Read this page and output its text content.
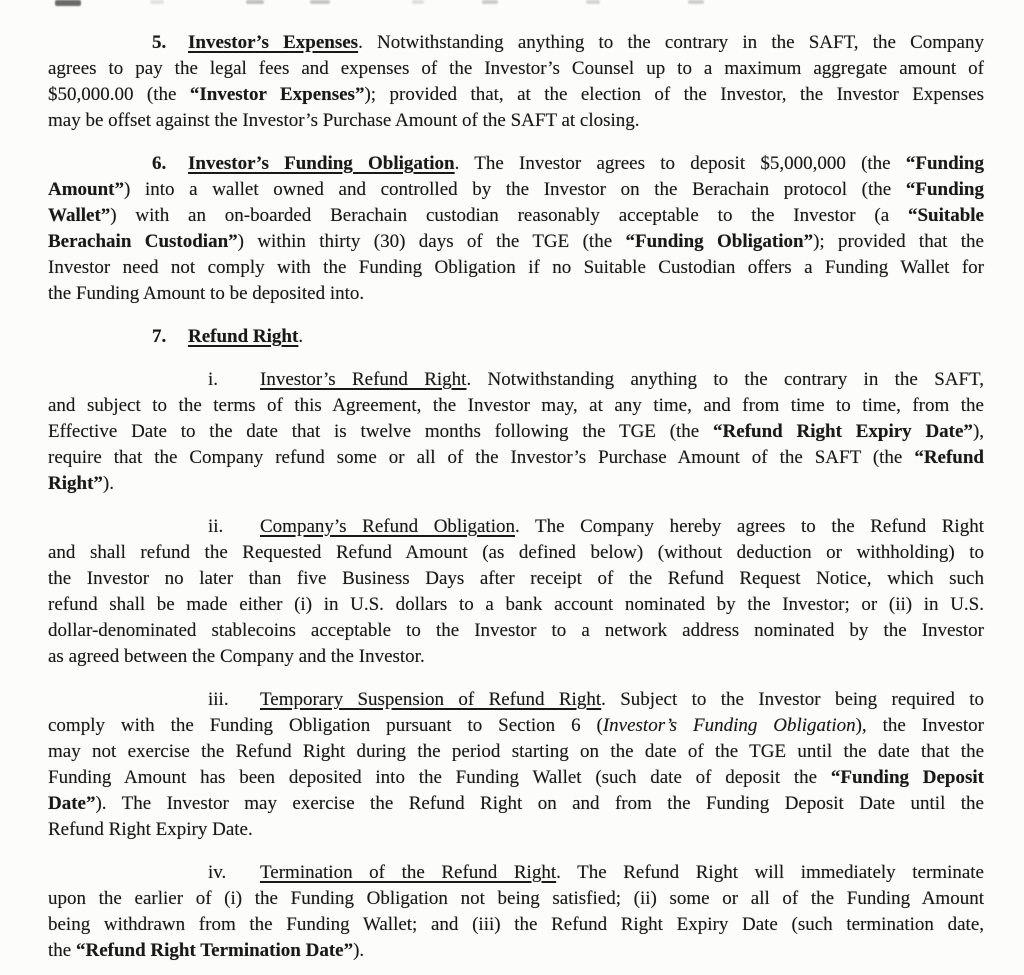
5. Investor’s Expenses. Notwithstanding anything to the contrary in the SAFT, the Company
agrees to pay the legal fees and expenses of the Investor’s Counsel up to a maximum aggregate amount of
$50,000.00 (the “Investor Expenses”); provided that, at the election of the Investor, the Investor Expenses
may be offset against the Investor’s Purchase Amount of the SAFT at closing.
6. Investor’s Funding Obligation. The Investor agrees to deposit $5,000,000 (the “Funding
Amount”) into a wallet owned and controlled by the Investor on the Berachain protocol (the “Funding
Wallet”) with an on-boarded Berachain custodian reasonably acceptable to the Investor (a “Suitable
Berachain Custodian”) within thirty (30) days of the TGE (the “Funding Obligation”); provided that the
Investor need not comply with the Funding Obligation if no Suitable Custodian offers a Funding Wallet for
the Funding Amount to be deposited into.
7. Refund Right.
i. Investor’s Refund Right. Notwithstanding anything to the contrary in the SAFT,
and subject to the terms of this Agreement, the Investor may, at any time, and from time to time, from the
Effective Date to the date that is twelve months following the TGE (the “Refund Right Expiry Date”),
require that the Company refund some or all of the Investor’s Purchase Amount of the SAFT (the “Refund
Right”).
ii. Company’s Refund Obligation. The Company hereby agrees to the Refund Right
and shall refund the Requested Refund Amount (as defined below) (without deduction or withholding) to
the Investor no later than five Business Days after receipt of the Refund Request Notice, which such
refund shall be made either (i) in U.S. dollars to a bank account nominated by the Investor; or (ii) in U.S.
dollar-denominated stablecoins acceptable to the Investor to a network address nominated by the Investor
as agreed between the Company and the Investor.
iii. Temporary Suspension of Refund Right. Subject to the Investor being required to
comply with the Funding Obligation pursuant to Section 6 (Investor’s Funding Obligation), the Investor
may not exercise the Refund Right during the period starting on the date of the TGE until the date that the
Funding Amount has been deposited into the Funding Wallet (such date of deposit the “Funding Deposit
Date”). The Investor may exercise the Refund Right on and from the Funding Deposit Date until the
Refund Right Expiry Date.
iv. Termination of the Refund Right. The Refund Right will immediately terminate
upon the earlier of (i) the Funding Obligation not being satisfied; (ii) some or all of the Funding Amount
being withdrawn from the Funding Wallet; and (iii) the Refund Right Expiry Date (such termination date,
the “Refund Right Termination Date”).
